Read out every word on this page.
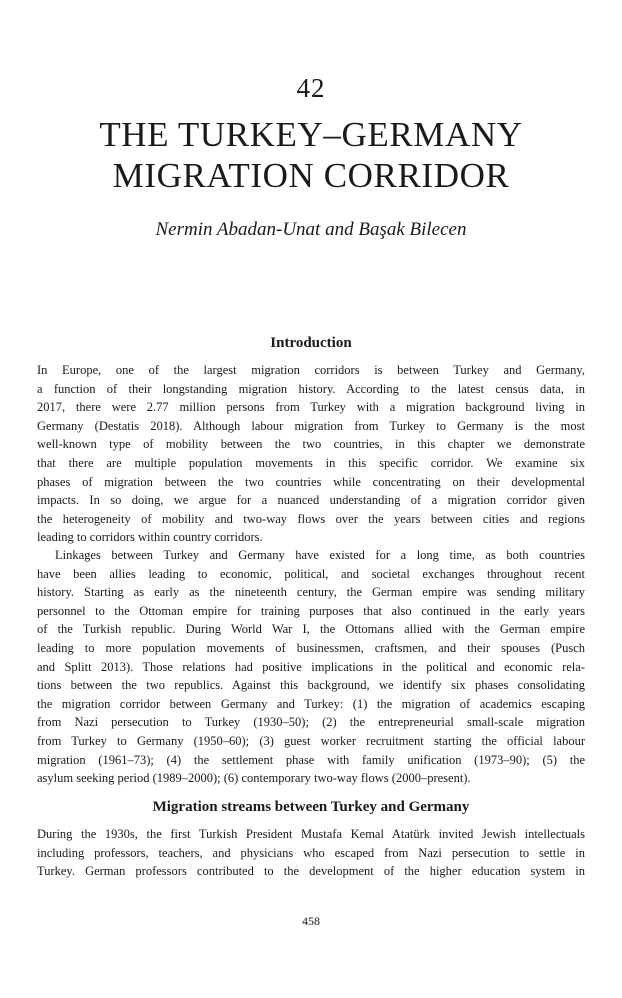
42
THE TURKEY–GERMANY
MIGRATION CORRIDOR
Nermin Abadan-Unat and Başak Bilecen
Introduction
In Europe, one of the largest migration corridors is between Turkey and Germany,
a function of their longstanding migration history. According to the latest census data, in
2017, there were 2.77 million persons from Turkey with a migration background living in
Germany (Destatis 2018). Although labour migration from Turkey to Germany is the most
well-known type of mobility between the two countries, in this chapter we demonstrate
that there are multiple population movements in this specific corridor. We examine six
phases of migration between the two countries while concentrating on their developmental
impacts. In so doing, we argue for a nuanced understanding of a migration corridor given
the heterogeneity of mobility and two-way flows over the years between cities and regions
leading to corridors within country corridors.
Linkages between Turkey and Germany have existed for a long time, as both countries
have been allies leading to economic, political, and societal exchanges throughout recent
history. Starting as early as the nineteenth century, the German empire was sending military
personnel to the Ottoman empire for training purposes that also continued in the early years
of the Turkish republic. During World War I, the Ottomans allied with the German empire
leading to more population movements of businessmen, craftsmen, and their spouses (Pusch
and Splitt 2013). Those relations had positive implications in the political and economic rela-
tions between the two republics. Against this background, we identify six phases consolidating
the migration corridor between Germany and Turkey: (1) the migration of academics escaping
from Nazi persecution to Turkey (1930–50); (2) the entrepreneurial small-scale migration
from Turkey to Germany (1950–60); (3) guest worker recruitment starting the official labour
migration (1961–73); (4) the settlement phase with family unification (1973–90); (5) the
asylum seeking period (1989–2000); (6) contemporary two-way flows (2000–present).
Migration streams between Turkey and Germany
During the 1930s, the first Turkish President Mustafa Kemal Atatürk invited Jewish intellectuals
including professors, teachers, and physicians who escaped from Nazi persecution to settle in
Turkey. German professors contributed to the development of the higher education system in
458
